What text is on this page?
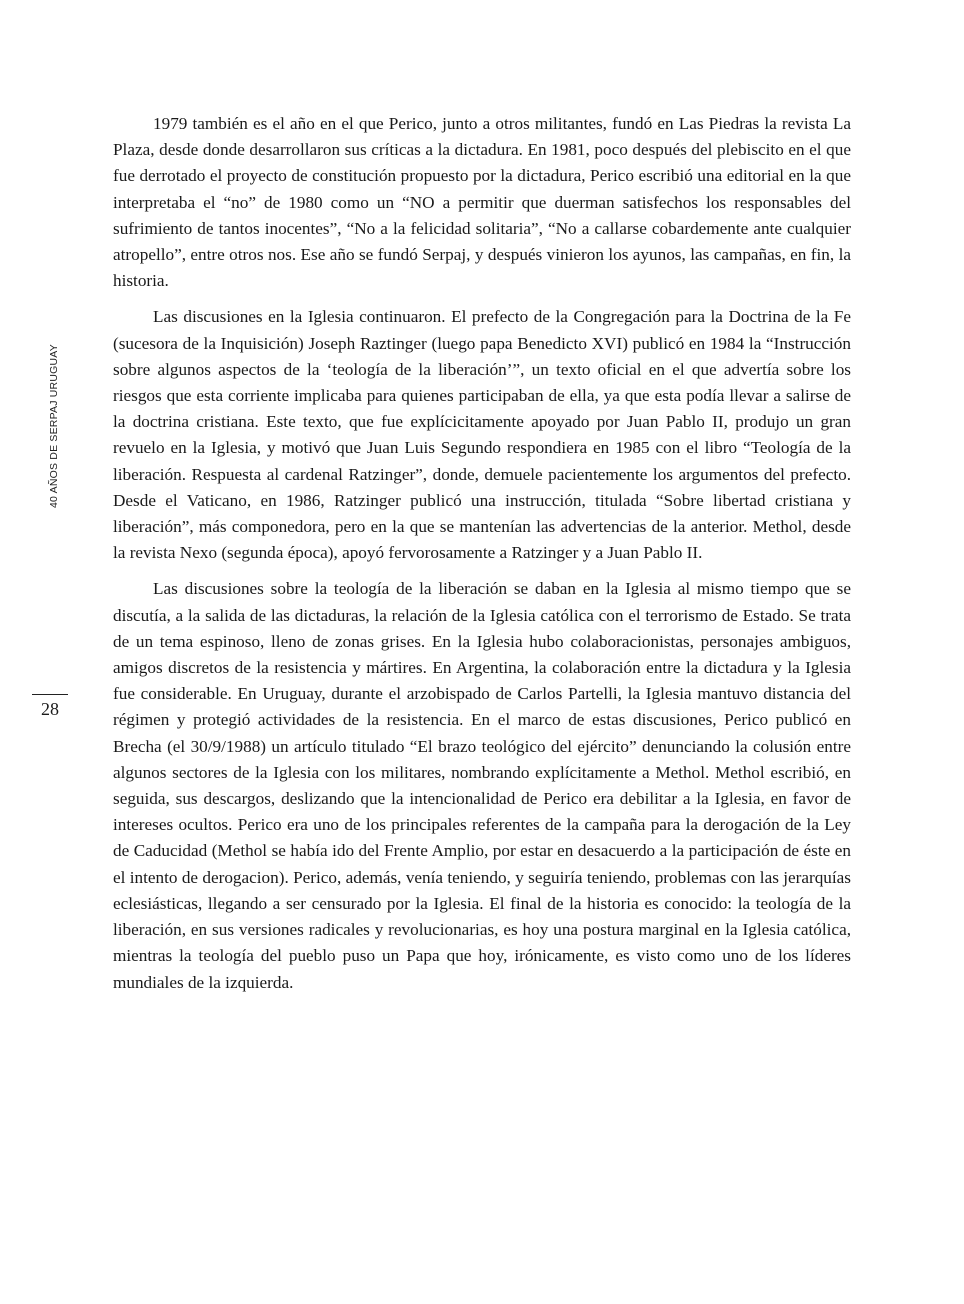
40 AÑOS DE SERPAJ URUGUAY
28

1979 también es el año en el que Perico, junto a otros militantes, fundó en Las Piedras la revista La Plaza, desde donde desarrollaron sus críticas a la dictadura. En 1981, poco después del plebiscito en el que fue derrotado el proyecto de constitución propuesto por la dictadura, Perico escribió una editorial en la que interpretaba el “no” de 1980 como un “NO a permitir que duerman satisfechos los responsables del sufrimiento de tantos inocentes”, “No a la felicidad solitaria”, “No a callarse cobardemente ante cualquier atropello”, entre otros nos. Ese año se fundó Serpaj, y después vinieron los ayunos, las campañas, en fin, la historia.

Las discusiones en la Iglesia continuaron. El prefecto de la Congregación para la Doctrina de la Fe (sucesora de la Inquisición) Joseph Raztinger (luego papa Benedicto XVI) publicó en 1984 la “Instrucción sobre algunos aspectos de la ‘teología de la liberación’”, un texto oficial en el que advertía sobre los riesgos que esta corriente implicaba para quienes participaban de ella, ya que esta podía llevar a salirse de la doctrina cristiana. Este texto, que fue explícicitamente apoyado por Juan Pablo II, produjo un gran revuelo en la Iglesia, y motivó que Juan Luis Segundo respondiera en 1985 con el libro “Teología de la liberación. Respuesta al cardenal Ratzinger”, donde, demuele pacientemente los argumentos del prefecto. Desde el Vaticano, en 1986, Ratzinger publicó una instrucción, titulada “Sobre libertad cristiana y liberación”, más componedora, pero en la que se mantenían las advertencias de la anterior. Methol, desde la revista Nexo (segunda época), apoyó fervorosamente a Ratzinger y a Juan Pablo II.

Las discusiones sobre la teología de la liberación se daban en la Iglesia al mismo tiempo que se discutía, a la salida de las dictaduras, la relación de la Iglesia católica con el terrorismo de Estado. Se trata de un tema espinoso, lleno de zonas grises. En la Iglesia hubo colaboracionistas, personajes ambiguos, amigos discretos de la resistencia y mártires. En Argentina, la colaboración entre la dictadura y la Iglesia fue considerable. En Uruguay, durante el arzobispado de Carlos Partelli, la Iglesia mantuvo distancia del régimen y protegió actividades de la resistencia. En el marco de estas discusiones, Perico publicó en Brecha (el 30/9/1988) un artículo titulado “El brazo teológico del ejército” denunciando la colusión entre algunos sectores de la Iglesia con los militares, nombrando explícitamente a Methol. Methol escribió, en seguida, sus descargos, deslizando que la intencionalidad de Perico era debilitar a la Iglesia, en favor de intereses ocultos. Perico era uno de los principales referentes de la campaña para la derogación de la Ley de Caducidad (Methol se había ido del Frente Amplio, por estar en desacuerdo a la participación de éste en el intento de derogacion). Perico, además, venía teniendo, y seguiría teniendo, problemas con las jerarquías eclesiásticas, llegando a ser censurado por la Iglesia. El final de la historia es conocido: la teología de la liberación, en sus versiones radicales y revolucionarias, es hoy una postura marginal en la Iglesia católica, mientras la teología del pueblo puso un Papa que hoy, irónicamente, es visto como uno de los líderes mundiales de la izquierda.
